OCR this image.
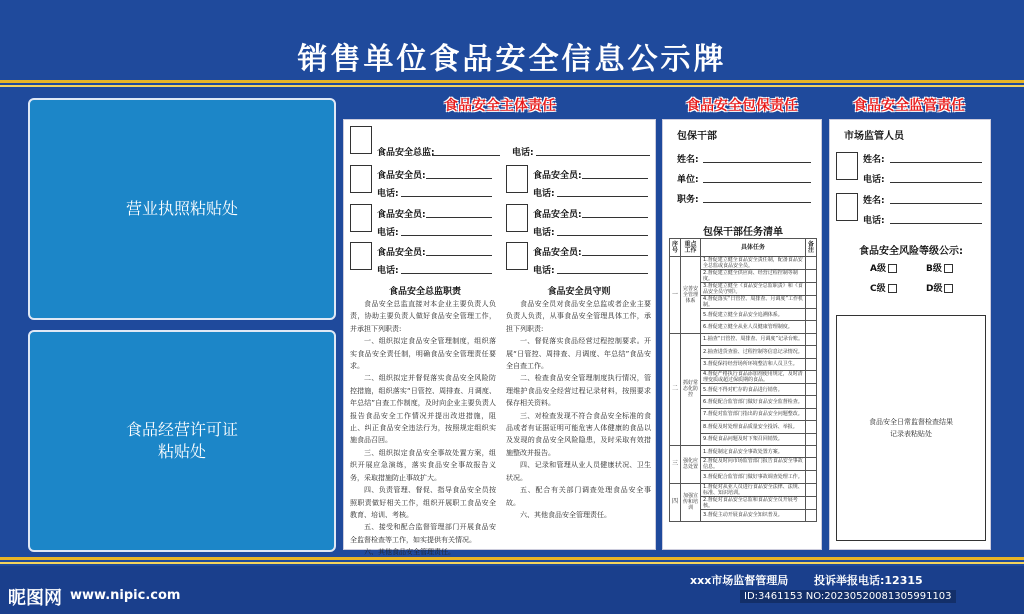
销售单位食品安全信息公示牌
营业执照粘贴处
食品经营许可证
粘贴处
食品安全主体责任	食品安全包保责任	食品安全监管责任
食品安全总监:	电话:
食品安全员:
电话:
食品安全员:
电话:
食品安全员:
电话:
食品安全员:
电话:
食品安全员:
电话:
食品安全员:
电话:
食品安全总监职责	食品安全员守则

食品安全总监直接对本企业主要负责人负责，协助主要负责人做好食品安全管理工作，并承担下列职责:

一、组织拟定食品安全管理制度，组织落实食品安全责任制，明确食品安全管理责任要求。

二、组织拟定并督促落实食品安全风险防控措施，组织落实“日管控、周排查、月调度、年总结”自查工作制度，及时向企业主要负责人报告食品安全工作情况并提出改进措施，阻止、纠正食品安全违法行为，按照规定组织实施食品召回。

三、组织拟定食品安全事故处置方案，组织开展应急演练，落实食品安全事故报告义务，采取措施防止事故扩大。

四、负责管理、督促、指导食品安全员按照职责做好相关工作，组织开展职工食品安全教育、培训、考核。

五、接受和配合监督管理部门开展食品安全监督检查等工作，如实提供有关情况。

六、其他食品安全管理责任。

食品安全员对食品安全总监或者企业主要负责人负责，从事食品安全管理具体工作，承担下列职责:

一、督促落实食品经营过程控制要求。开展“日管控、周排查、月调度、年总结”食品安全自查工作。

二、检查食品安全管理制度执行情况，管理维护食品安全经营过程记录材料，按照要求保存相关资料。

三、对检查发现不符合食品安全标准的食品或者有证据证明可能危害人体健康的食品以及发现的食品安全风险隐患，及时采取有效措施整改并报告。

四、记录和管理从业人员健康状况、卫生状况。

五、配合有关部门调查处理食品安全事故。

六、其他食品安全管理责任。

包保干部
姓名:
单位:
职务:
包保干部任务清单
序号	重点工作	具体任务	备注
一	完善安全管理体系	1.督促建立健全食品安全责任制，配备食品安全总监或食品安全员。	
		2.督促建立健全供应商、经营过程控制等制度。	
		3.督促建立健全《食品安全总监职责》和《食品安全员守则》。	
		4.督促落实“日管控、周排查、月调度”工作机制。	
		5.督促建立健全食品安全追溯体系。	
		6.督促建立健全从业人员健康管理制度。	
二	抓好常态化防控	1.抽查“日管控、周排查、月调度”记录台账。	
		2.抽查进货查验、过程控制等信息记录情况。	
		3.督促保持经营场所环境整洁和人员卫生。	
		4.督促严格执行食品添加剂使用规定，及时清理变质或超过保质期的食品。	
		5.督促不得对贮存的食品进行销售。	
		6.督促配合监管部门做好食品安全监督检查。	
		7.督促对监管部门指出的食品安全问题整改。	
		8.督促及时处理食品质量安全投诉、举报。	
		9.督促食品问题及时下架召回销毁。	
三	强化应急处置	1.督促制定食品安全事故处置方案。	
		2.督促及时向市场监管部门报告食品安全事故信息。	
		3.督促配合监管部门做好事故调查处理工作。	
四	加强宣传和培训	1.督促对从业人员进行食品安全法律、法规、标准、知识培训。	
		2.督促对食品安全总监和食品安全员开展考核。	
		3.督促主动开展食品安全知识普及。	
市场监管人员
姓名:
电话:
姓名:
电话:
食品安全风险等级公示:
A级	B级
C级	D级
食品安全日常监督检查结果
记录表粘贴处
xxx市场监督管理局 投诉举报电话:12315
昵图网 www.nipic.com	ID:3461153 NO:20230520081305991103
